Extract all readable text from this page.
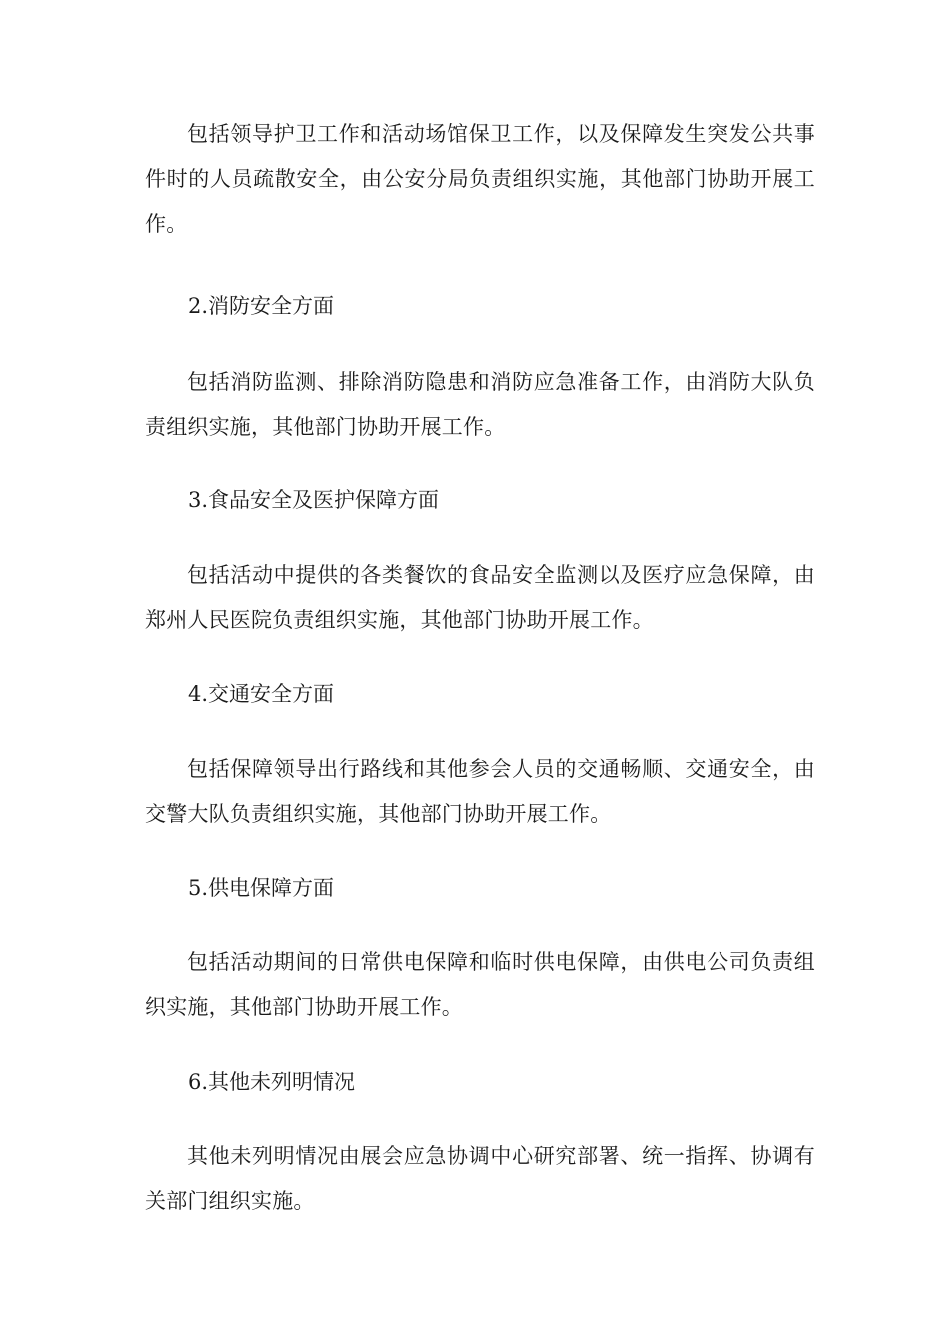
包括领导护卫工作和活动场馆保卫工作，以及保障发生突发公共事件时的人员疏散安全，由公安分局负责组织实施，其他部门协助开展工作。

2.消防安全方面

包括消防监测、排除消防隐患和消防应急准备工作，由消防大队负责组织实施，其他部门协助开展工作。

3.食品安全及医护保障方面

包括活动中提供的各类餐饮的食品安全监测以及医疗应急保障，由郑州人民医院负责组织实施，其他部门协助开展工作。

4.交通安全方面

包括保障领导出行路线和其他参会人员的交通畅顺、交通安全，由交警大队负责组织实施，其他部门协助开展工作。

5.供电保障方面

包括活动期间的日常供电保障和临时供电保障，由供电公司负责组织实施，其他部门协助开展工作。

6.其他未列明情况

其他未列明情况由展会应急协调中心研究部署、统一指挥、协调有关部门组织实施。
